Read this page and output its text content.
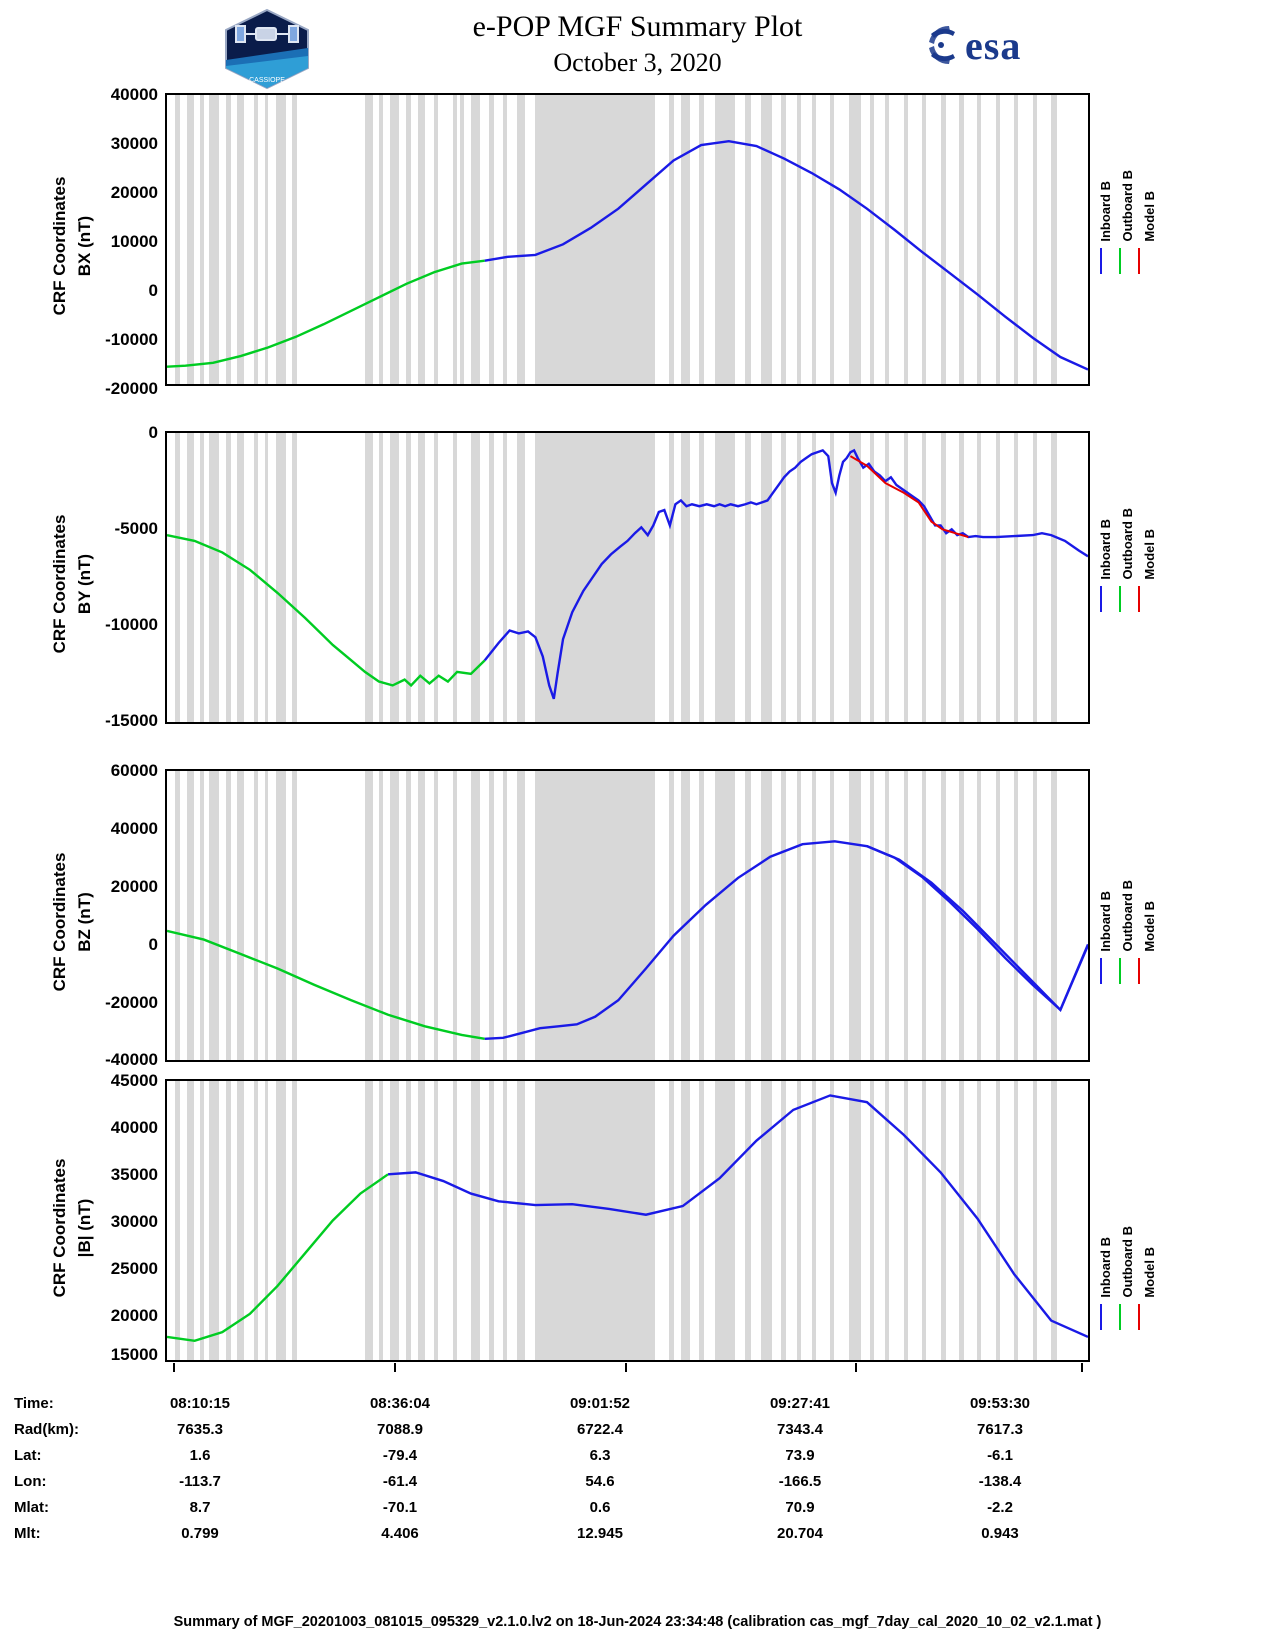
e-POP MGF Summary Plot
October 3, 2020
CASSIOPE
esa
40000
30000
20000
10000
0
-10000
-20000
CRF Coordinates BX (nT)
Inboard B Outboard B Model B
0
-5000
-10000
-15000
CRF Coordinates BY (nT)
Inboard B Outboard B Model B
60000
40000
20000
0
-20000
-40000
CRF Coordinates BZ (nT)	Inboard B Outboard B Model B
45000
40000
35000
30000
25000
20000
15000
CRF Coordinates |B| (nT)
Inboard B Outboard B Model B
Time:	08:10:15	08:36:04	09:01:52	09:27:41	09:53:30
Rad(km):	7635.3	7088.9	6722.4	7343.4	7617.3
Lat:	1.6	-79.4	6.3	73.9	-6.1
Lon:	-113.7	-61.4	54.6	-166.5	-138.4
Mlat:	8.7	-70.1	0.6	70.9	-2.2
Mlt:	0.799	4.406	12.945	20.704	0.943
Summary of MGF_20201003_081015_095329_v2.1.0.lv2 on 18-Jun-2024 23:34:48 (calibration cas_mgf_7day_cal_2020_10_02_v2.1.mat )
